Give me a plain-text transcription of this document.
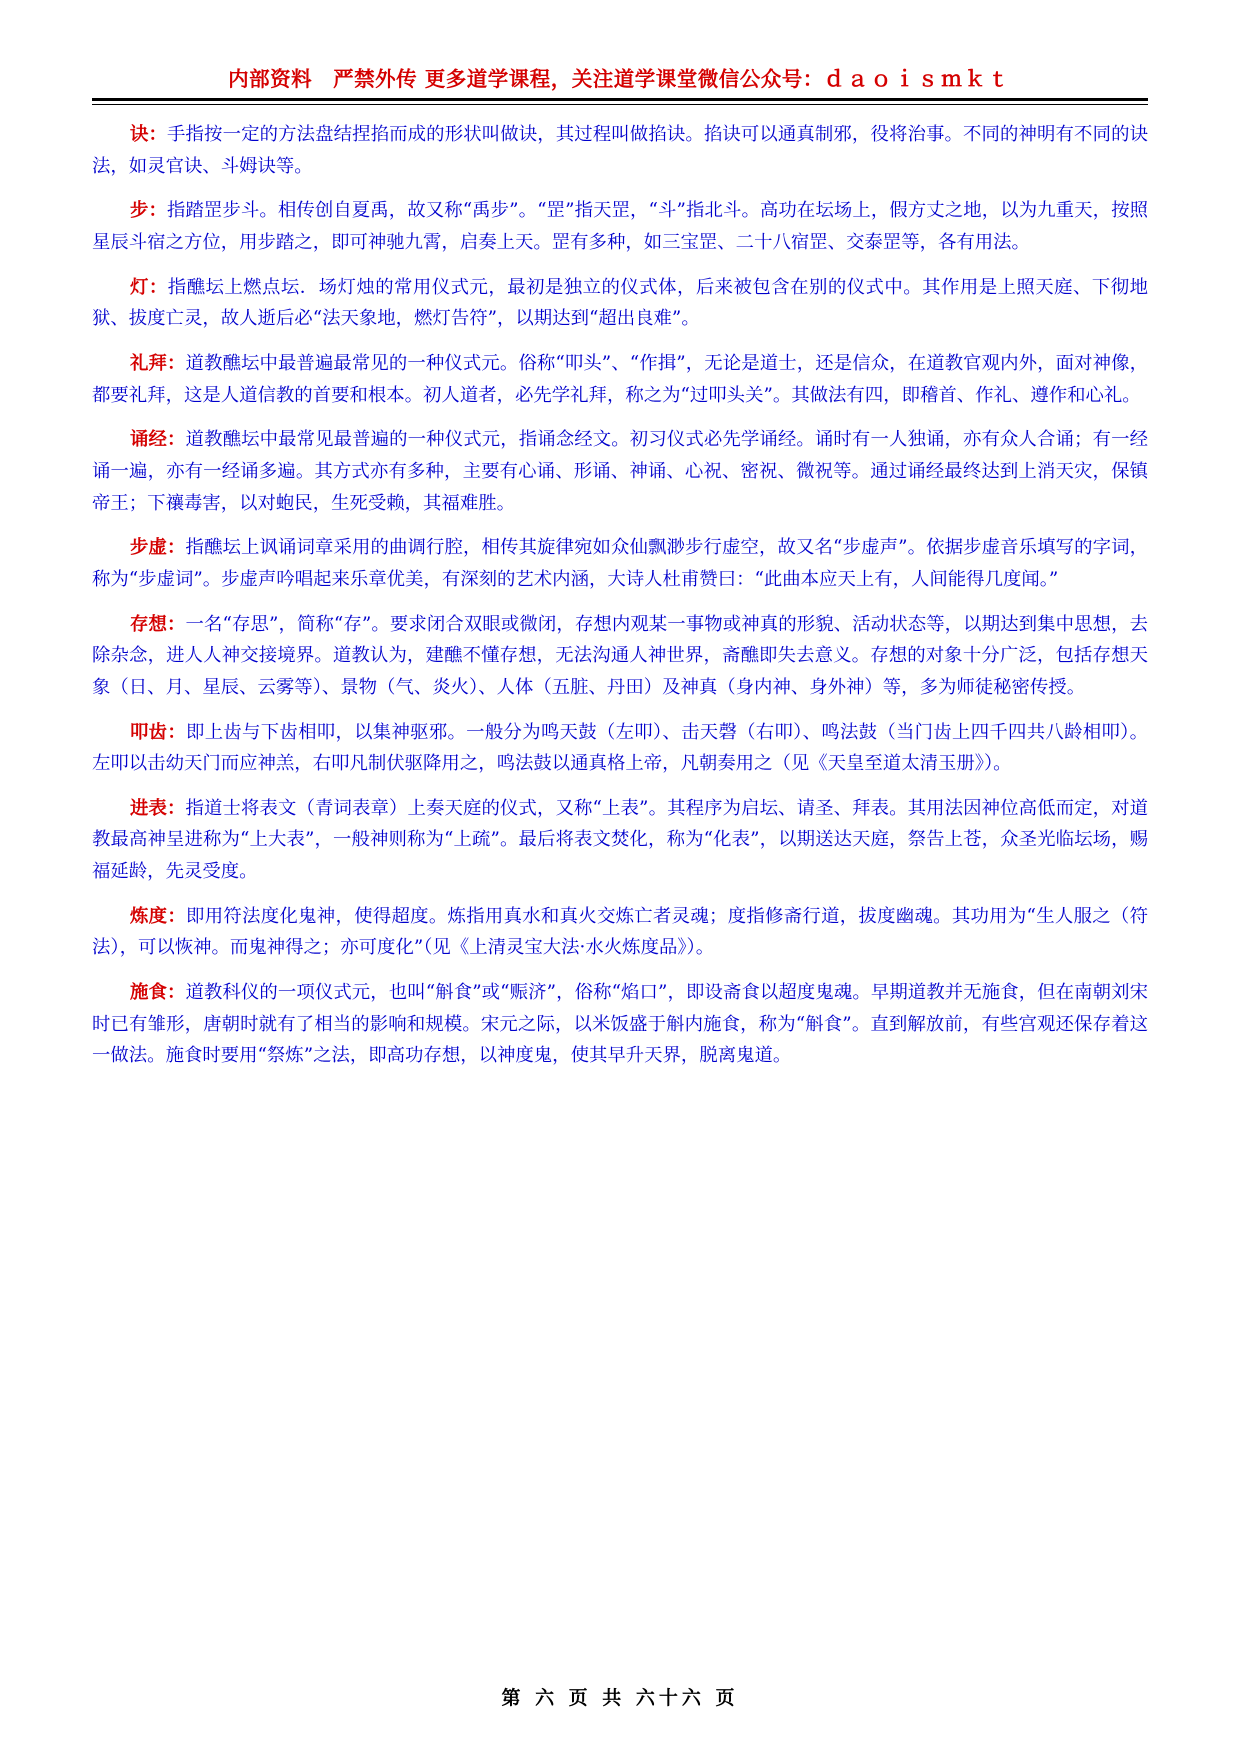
内部资料　严禁外传 更多道学课程，关注道学课堂微信公众号：ｄａｏｉｓｍｋｔ

诀：手指按一定的方法盘结捏掐而成的形状叫做诀，其过程叫做掐诀。掐诀可以通真制邪，役将治事。不同的神明有不同的诀法，如灵官诀、斗姆诀等。

步：指踏罡步斗。相传创自夏禹，故又称“禹步”。“罡”指天罡，“斗”指北斗。高功在坛场上，假方丈之地，以为九重天，按照星辰斗宿之方位，用步踏之，即可神驰九霄，启奏上天。罡有多种，如三宝罡、二十八宿罡、交泰罡等，各有用法。

灯：指醮坛上燃点坛．场灯烛的常用仪式元，最初是独立的仪式体，后来被包含在别的仪式中。其作用是上照天庭、下彻地狱、拔度亡灵，故人逝后必“法天象地，燃灯告符”，以期达到“超出良难”。

礼拜：道教醮坛中最普遍最常见的一种仪式元。俗称“叩头”、“作揖”，无论是道士，还是信众，在道教官观内外，面对神像，都要礼拜，这是人道信教的首要和根本。初人道者，必先学礼拜，称之为“过叩头关”。其做法有四，即稽首、作礼、遵作和心礼。

诵经：道教醮坛中最常见最普遍的一种仪式元，指诵念经文。初习仪式必先学诵经。诵时有一人独诵，亦有众人合诵；有一经诵一遍，亦有一经诵多遍。其方式亦有多种，主要有心诵、形诵、神诵、心祝、密祝、微祝等。通过诵经最终达到上消天灾，保镇帝王；下禳毒害，以对蚫民，生死受赖，其福难胜。

步虚：指醮坛上讽诵词章采用的曲调行腔，相传其旋律宛如众仙飘渺步行虚空，故又名“步虚声”。依据步虚音乐填写的字词，称为“步虚词”。步虚声吟唱起来乐章优美，有深刻的艺术内涵，大诗人杜甫赞曰：“此曲本应天上有，人间能得几度闻。”

存想：一名“存思”，简称“存”。要求闭合双眼或微闭，存想内观某一事物或神真的形貌、活动状态等，以期达到集中思想，去除杂念，进人人神交接境界。道教认为，建醮不懂存想，无法沟通人神世界，斋醮即失去意义。存想的对象十分广泛，包括存想天象（日、月、星辰、云雾等）、景物（气、炎火）、人体（五脏、丹田）及神真（身内神、身外神）等，多为师徒秘密传授。

叩齿：即上齿与下齿相叩，以集神驱邪。一般分为鸣天鼓（左叩）、击天磬（右叩）、鸣法鼓（当门齿上四千四共八龄相叩）。左叩以击幼天门而应神羔，右叩凡制伏驱降用之，鸣法鼓以通真格上帝，凡朝奏用之（见《天皇至道太清玉册》）。

进表：指道士将表文（青词表章）上奏天庭的仪式，又称“上表”。其程序为启坛、请圣、拜表。其用法因神位高低而定，对道教最高神呈进称为“上大表”，一般神则称为“上疏”。最后将表文焚化，称为“化表”，以期送达天庭，祭告上苍，众圣光临坛场，赐福延龄，先灵受度。

炼度：即用符法度化鬼神，使得超度。炼指用真水和真火交炼亡者灵魂；度指修斋行道，拔度幽魂。其功用为“生人服之（符法），可以恢神。而鬼神得之；亦可度化”（见《上清灵宝大法·水火炼度品》）。

施食：道教科仪的一项仪式元，也叫“斛食”或“赈济”，俗称“焰口”，即设斋食以超度鬼魂。早期道教并无施食，但在南朝刘宋时已有雏形，唐朝时就有了相当的影响和规模。宋元之际，以米饭盛于斛内施食，称为“斛食”。直到解放前，有些宫观还保存着这一做法。施食时要用“祭炼”之法，即高功存想，以神度鬼，使其早升天界，脱离鬼道。

第 六 页 共 六十六 页
